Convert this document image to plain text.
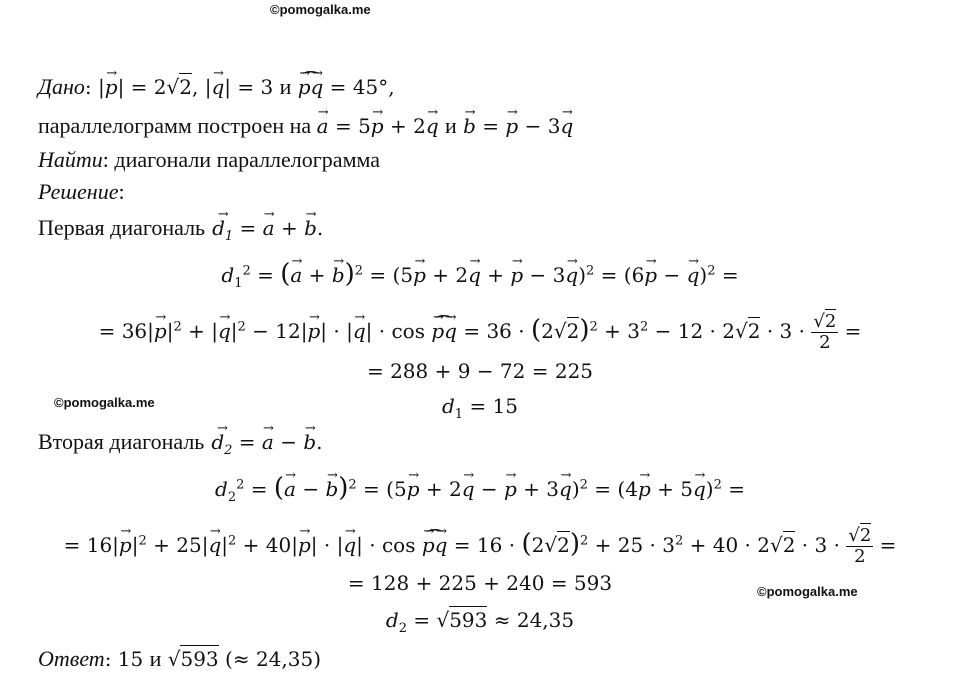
©pomogalka.me
©pomogalka.me
©pomogalka.me
Дано: |→ p| = 2√2, |→ q| = 3 и ⌢ → p→ q = 45°,
параллелограмм построен на → a = 5→ p + 2→ q и → b = → p − 3→ q
Найти: диагонали параллелограмма
Решение:
Первая диагональ → $d_1$ = → a + → b.
$d_1^2$ = (→ a + → b)$^2$ = (5→ p + 2→ q + → p − 3→ q)$^2$ = (6→ p − → q)$^2$ =
= $36|\to p|^2$ + |→ $q|^2 - 12|\to p|$ · |→ q| · cos ⌢ → $p\to q = 36 \cdot (2√2)^2 + 3^2 - 12 \cdot 2√2 \cdot 3 \cdot \frac{√2}{2}$ =
= 288 + 9 − 72 = 225
$d_1 = 15$
Вторая диагональ → $d_2$ = → a − → b.
$d_2^2$ = (→ a − → b)$^2$ = (5→ p + 2→ q − → $p + 3\to q)^2 = (4\to p + 5\to q)^2$ =
= $16|\to p|^2 + 25|\to q|^2 + 40|\to p|$ · |→ q| · cos ⌢ → $p\to q = 16 \cdot (2√2)^2 + 25 \cdot 3^2 + 40 \cdot 2√2 \cdot 3 \cdot \frac{√2}{2}$ =
= 128 + 225 + 240 = 593
$d_2 = √593 \approx 24,35$
Ответ: 15 и √593 (≈ 24,35)
